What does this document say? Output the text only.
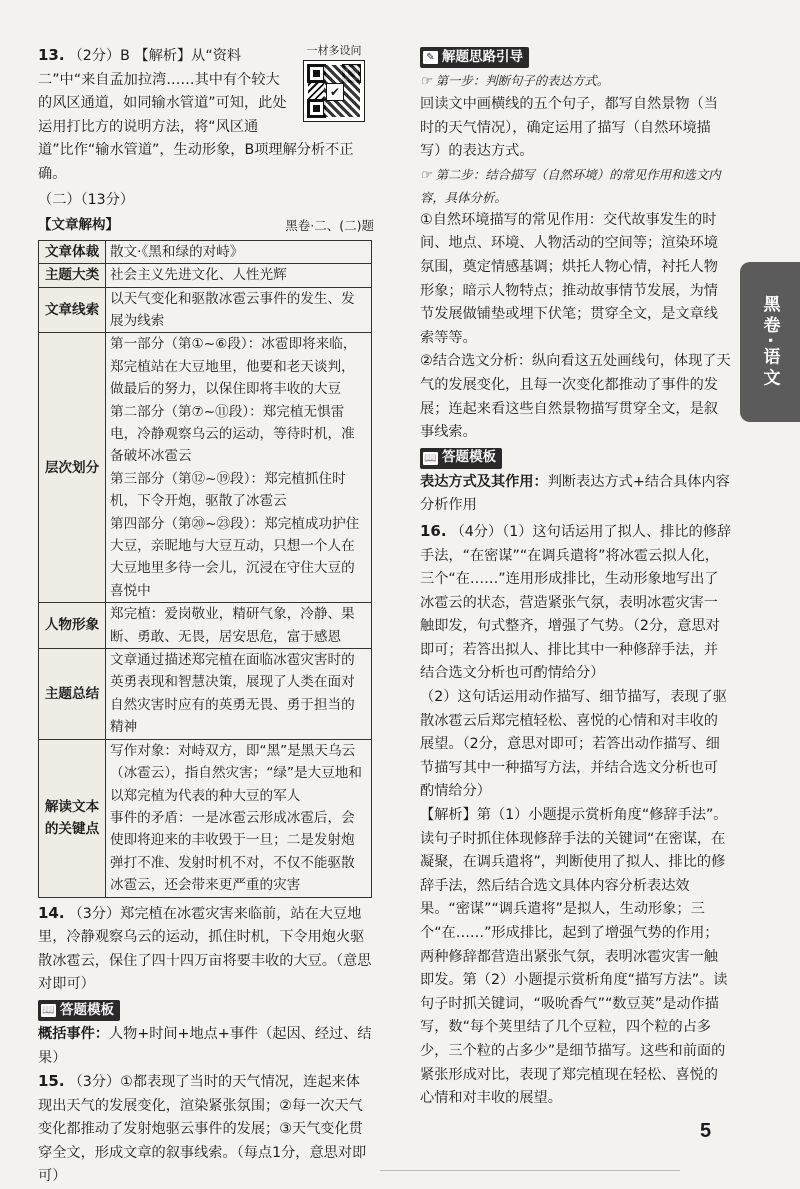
一材多设问
✔

13. （2分）B 【解析】从“资料二”中“来自孟加拉湾……其中有个较大的风区通道，如同输水管道”可知，此处运用打比方的说明方法，将“风区通道”比作“输水管道”，生动形象，B项理解分析不正确。

（二）（13分）

【文章解构】	黑卷·二、(二)题
文章体裁	散文·《黑和绿的对峙》
主题大类	社会主义先进文化、人性光辉
文章线索	以天气变化和驱散冰雹云事件的发生、发展为线索
层次划分	第一部分（第①~⑥段）：冰雹即将来临，郑完植站在大豆地里，他要和老天谈判，做最后的努力，以保住即将丰收的大豆
第二部分（第⑦~⑪段）：郑完植无惧雷电，冷静观察乌云的运动，等待时机，准备破坏冰雹云
第三部分（第⑫~⑲段）：郑完植抓住时机，下令开炮，驱散了冰雹云
第四部分（第⑳~㉓段）：郑完植成功护住大豆，亲昵地与大豆互动，只想一个人在大豆地里多待一会儿，沉浸在守住大豆的喜悦中

人物形象	郑完植：爱岗敬业，精研气象，冷静、果断、勇敢、无畏，居安思危，富于感恩
主题总结	文章通过描述郑完植在面临冰雹灾害时的英勇表现和智慧决策，展现了人类在面对自然灾害时应有的英勇无畏、勇于担当的精神
解读文本的关键点	写作对象：对峙双方，即“黑”是黑天乌云（冰雹云），指自然灾害；“绿”是大豆地和以郑完植为代表的种大豆的军人
事件的矛盾：一是冰雹云形成冰雹后，会使即将迎来的丰收毁于一旦；二是发射炮弹打不准、发射时机不对，不仅不能驱散冰雹云，还会带来更严重的灾害

14. （3分）郑完植在冰雹灾害来临前，站在大豆地里，冷静观察乌云的运动，抓住时机，下令用炮火驱散冰雹云，保住了四十四万亩将要丰收的大豆。（意思对即可）

📖 答题模板

概括事件：人物+时间+地点+事件（起因、经过、结果）

15. （3分）①都表现了当时的天气情况，连起来体现出天气的发展变化，渲染紧张氛围；②每一次天气变化都推动了发射炮驱云事件的发展；③天气变化贯穿全文，形成文章的叙事线索。（每点1分，意思对即可）

✎ 解题思路引导

☞ 第一步：判断句子的表达方式。

回读文中画横线的五个句子，都写自然景物（当时的天气情况），确定运用了描写（自然环境描写）的表达方式。

☞ 第二步：结合描写（自然环境）的常见作用和选文内容，具体分析。

①自然环境描写的常见作用：交代故事发生的时间、地点、环境、人物活动的空间等；渲染环境氛围，奠定情感基调；烘托人物心情，衬托人物形象；暗示人物特点；推动故事情节发展，为情节发展做铺垫或埋下伏笔；贯穿全文，是文章线索等等。

②结合选文分析：纵向看这五处画线句，体现了天气的发展变化，且每一次变化都推动了事件的发展；连起来看这些自然景物描写贯穿全文，是叙事线索。

📖 答题模板

表达方式及其作用：判断表达方式+结合具体内容分析作用

16. （4分）（1）这句话运用了拟人、排比的修辞手法，“在密谋”“在调兵遣将”将冰雹云拟人化，三个“在……”连用形成排比，生动形象地写出了冰雹云的状态，营造紧张气氛，表明冰雹灾害一触即发，句式整齐，增强了气势。（2分，意思对即可；若答出拟人、排比其中一种修辞手法，并结合选文分析也可酌情给分）

（2）这句话运用动作描写、细节描写，表现了驱散冰雹云后郑完植轻松、喜悦的心情和对丰收的展望。（2分，意思对即可；若答出动作描写、细节描写其中一种描写方法，并结合选文分析也可酌情给分）

【解析】第（1）小题提示赏析角度“修辞手法”。读句子时抓住体现修辞手法的关键词“在密谋，在凝聚，在调兵遣将”，判断使用了拟人、排比的修辞手法，然后结合选文具体内容分析表达效果。“密谋”“调兵遣将”是拟人，生动形象；三个“在……”形成排比，起到了增强气势的作用；两种修辞都营造出紧张气氛，表明冰雹灾害一触即发。第（2）小题提示赏析角度“描写方法”。读句子时抓关键词，“吸吮香气”“数豆荚”是动作描写，数“每个荚里结了几个豆粒，四个粒的占多少，三个粒的占多少”是细节描写。这些和前面的紧张形成对比，表现了郑完植现在轻松、喜悦的心情和对丰收的展望。

黑卷·语文
5
